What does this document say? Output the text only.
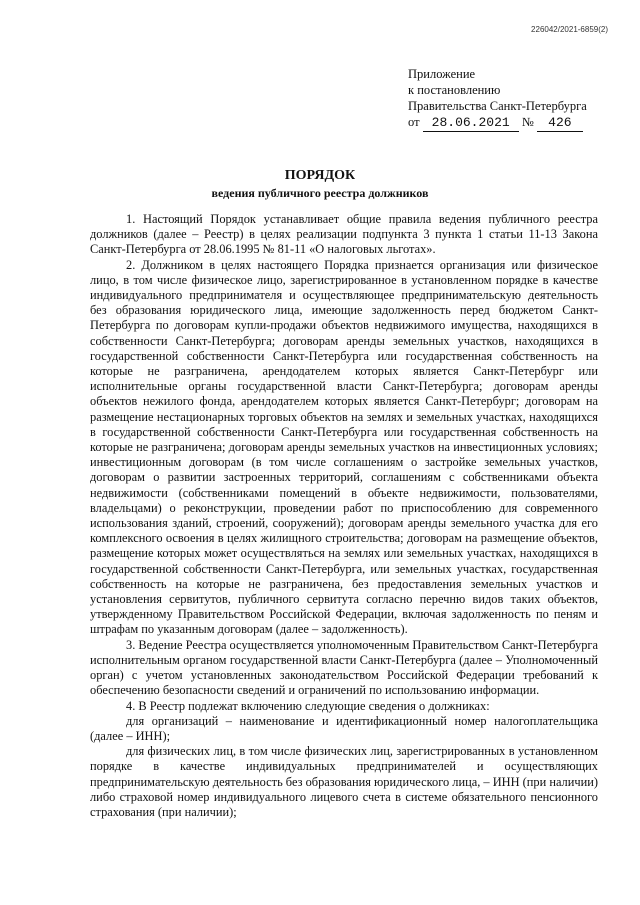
226042/2021-6859(2)
Приложение
к постановлению
Правительства Санкт-Петербурга
от 28.06.2021 № 426
ПОРЯДОК
ведения публичного реестра должников

1. Настоящий Порядок устанавливает общие правила ведения публичного реестра должников (далее – Реестр) в целях реализации подпункта 3 пункта 1 статьи 11-13 Закона Санкт-Петербурга от 28.06.1995 № 81-11 «О налоговых льготах».

2. Должником в целях настоящего Порядка признается организация или физическое лицо, в том числе физическое лицо, зарегистрированное в установленном порядке в качестве индивидуального предпринимателя и осуществляющее предпринимательскую деятельность без образования юридического лица, имеющие задолженность перед бюджетом Санкт-Петербурга по договорам купли-продажи объектов недвижимого имущества, находящихся в собственности Санкт-Петербурга; договорам аренды земельных участков, находящихся в государственной собственности Санкт-Петербурга или государственная собственность на которые не разграничена, арендодателем которых является Санкт-Петербург или исполнительные органы государственной власти Санкт-Петербурга; договорам аренды объектов нежилого фонда, арендодателем которых является Санкт-Петербург; договорам на размещение нестационарных торговых объектов на землях и земельных участках, находящихся в государственной собственности Санкт-Петербурга или государственная собственность на которые не разграничена; договорам аренды земельных участков на инвестиционных условиях; инвестиционным договорам (в том числе соглашениям о застройке земельных участков, договорам о развитии застроенных территорий, соглашениям с собственниками объекта недвижимости (собственниками помещений в объекте недвижимости, пользователями, владельцами) о реконструкции, проведении работ по приспособлению для современного использования зданий, строений, сооружений); договорам аренды земельного участка для его комплексного освоения в целях жилищного строительства; договорам на размещение объектов, размещение которых может осуществляться на землях или земельных участках, находящихся в государственной собственности Санкт-Петербурга, или земельных участках, государственная собственность на которые не разграничена, без предоставления земельных участков и установления сервитутов, публичного сервитута согласно перечню видов таких объектов, утвержденному Правительством Российской Федерации, включая задолженность по пеням и штрафам по указанным договорам (далее – задолженность).

3. Ведение Реестра осуществляется уполномоченным Правительством Санкт-Петербурга исполнительным органом государственной власти Санкт-Петербурга (далее – Уполномоченный орган) с учетом установленных законодательством Российской Федерации требований к обеспечению безопасности сведений и ограничений по использованию информации.

4. В Реестр подлежат включению следующие сведения о должниках:

для организаций – наименование и идентификационный номер налогоплательщика (далее – ИНН);

для физических лиц, в том числе физических лиц, зарегистрированных в установленном порядке в качестве индивидуальных предпринимателей и осуществляющих предпринимательскую деятельность без образования юридического лица, – ИНН (при наличии) либо страховой номер индивидуального лицевого счета в системе обязательного пенсионного страхования (при наличии);
